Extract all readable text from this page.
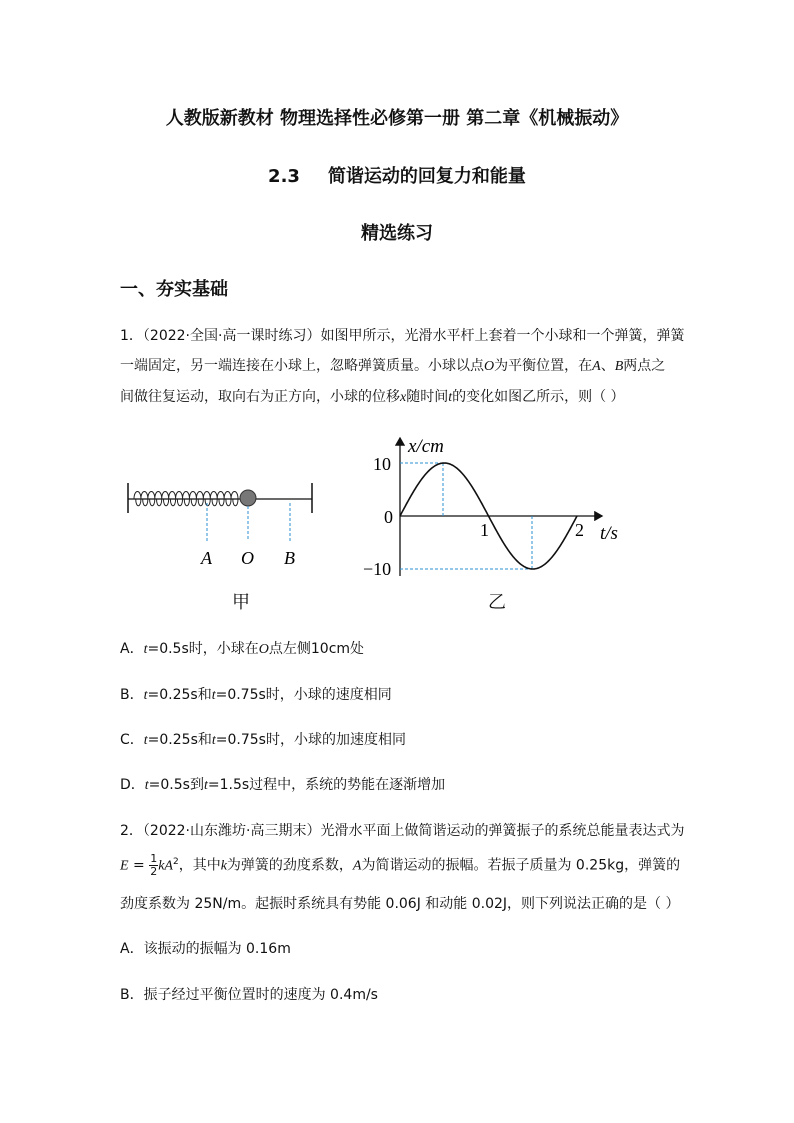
人教版新教材 物理选择性必修第一册 第二章《机械振动》
2.3 简谐运动的回复力和能量
精选练习
一、夯实基础
1．（2022·全国·高一课时练习）如图甲所示，光滑水平杆上套着一个小球和一个弹簧，弹簧
一端固定，另一端连接在小球上，忽略弹簧质量。小球以点O为平衡位置，在A、B两点之
间做往复运动，取向右为正方向，小球的位移x随时间t的变化如图乙所示，则（ ）
A O B
甲
x/cm
t/s
10
0
−10
1	2
乙
A．t=0.5s时，小球在O点左侧10cm处
B．t=0.25s和t=0.75s时，小球的速度相同
C．t=0.25s和t=0.75s时，小球的加速度相同
D．t=0.5s到t=1.5s过程中，系统的势能在逐渐增加
2．（2022·山东潍坊·高三期末）光滑水平面上做简谐运动的弹簧振子的系统总能量表达式为
$E = \frac{1}{2} kA^2$，其中k为弹簧的劲度系数，A为简谐运动的振幅。若振子质量为 0.25kg，弹簧的
劲度系数为 25N/m。起振时系统具有势能 0.06J 和动能 0.02J，则下列说法正确的是（ ）
A．该振动的振幅为 0.16m
B．振子经过平衡位置时的速度为 0.4m/s
